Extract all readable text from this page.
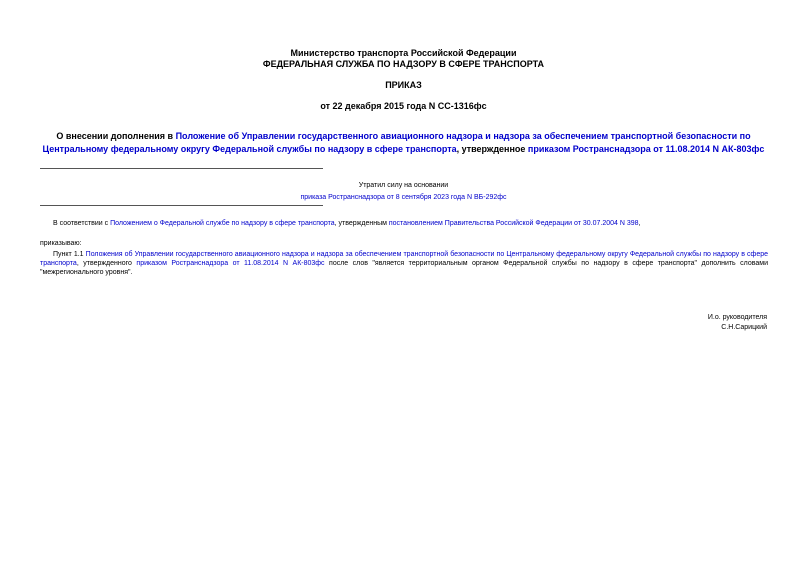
Министерство транспорта Российской Федерации
ФЕДЕРАЛЬНАЯ СЛУЖБА ПО НАДЗОРУ В СФЕРЕ ТРАНСПОРТА
ПРИКАЗ
от 22 декабря 2015 года N СС-1316фс
О внесении дополнения в Положение об Управлении государственного авиационного надзора и надзора за обеспечением транспортной безопасности по Центральному федеральному округу Федеральной службы по надзору в сфере транспорта, утвержденное приказом Ространснадзора от 11.08.2014 N АК-803фс
Утратил силу на основании
приказа Ространснадзора от 8 сентября 2023 года N ВБ-292фс
В соответствии с Положением о Федеральной службе по надзору в сфере транспорта, утвержденным постановлением Правительства Российской Федерации от 30.07.2004 N 398,
приказываю:
Пункт 1.1 Положения об Управлении государственного авиационного надзора и надзора за обеспечением транспортной безопасности по Центральному федеральному округу Федеральной службы по надзору в сфере транспорта, утвержденного приказом Ространснадзора от 11.08.2014 N АК-803фс после слов "является территориальным органом Федеральной службы по надзору в сфере транспорта" дополнить словами "межрегионального уровня".
И.о. руководителя
С.Н.Сарицкий
